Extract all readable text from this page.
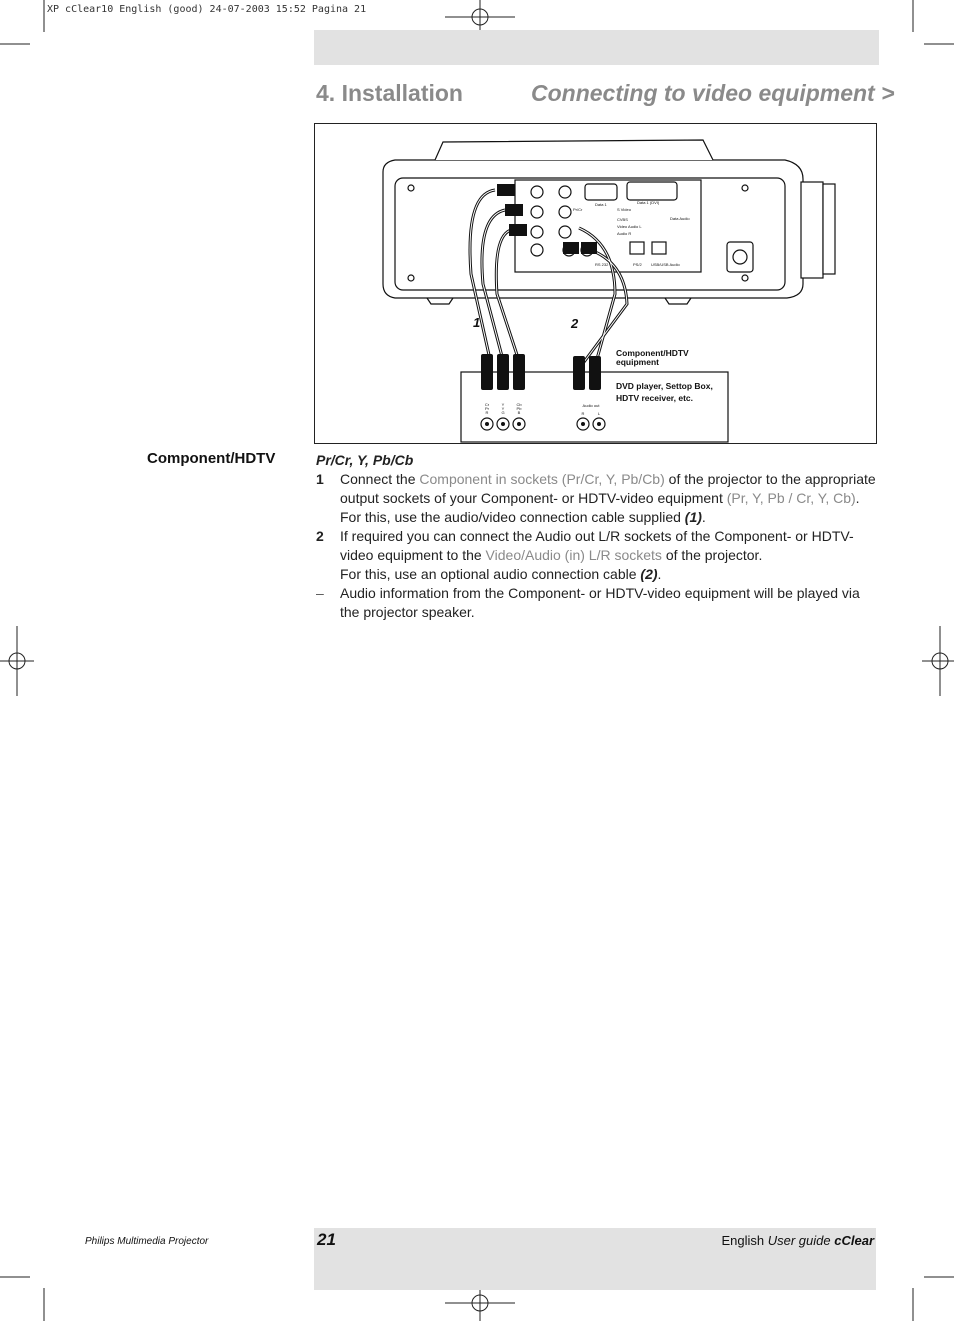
XP cClear10 English (good) 24-07-2003 15:52 Pagina 21
4. Installation	Connecting to video equipment >
Data 1	Data 1 (DVI)
Pr/Cr	S Video
CVBS
Video Audio L
Audio R
Data Audio
RS 232	PS/2 USB/USB Audio
1	2
Cr
Pr
R
Y
Y
G
Cb
Pb
B
Audio out
R	L
Component/HDTV
equipment
DVD player, Settop Box,
HDTV receiver, etc.
Component/HDTV	Pr/Cr, Y, Pb/Cb
1	Connect the Component in sockets (Pr/Cr, Y, Pb/Cb) of the projector to the appropriate output sockets of your Component- or HDTV-video equipment (Pr, Y, Pb / Cr, Y, Cb).
For this, use the audio/video connection cable supplied (1).
2	If required you can connect the Audio out L/R sockets of the Component- or HDTV-video equipment to the Video/Audio (in) L/R sockets of the projector.
For this, use an optional audio connection cable (2).
–	Audio information from the Component- or HDTV-video equipment will be played via the projector speaker.
Philips Multimedia Projector	21	English User guide cClear
